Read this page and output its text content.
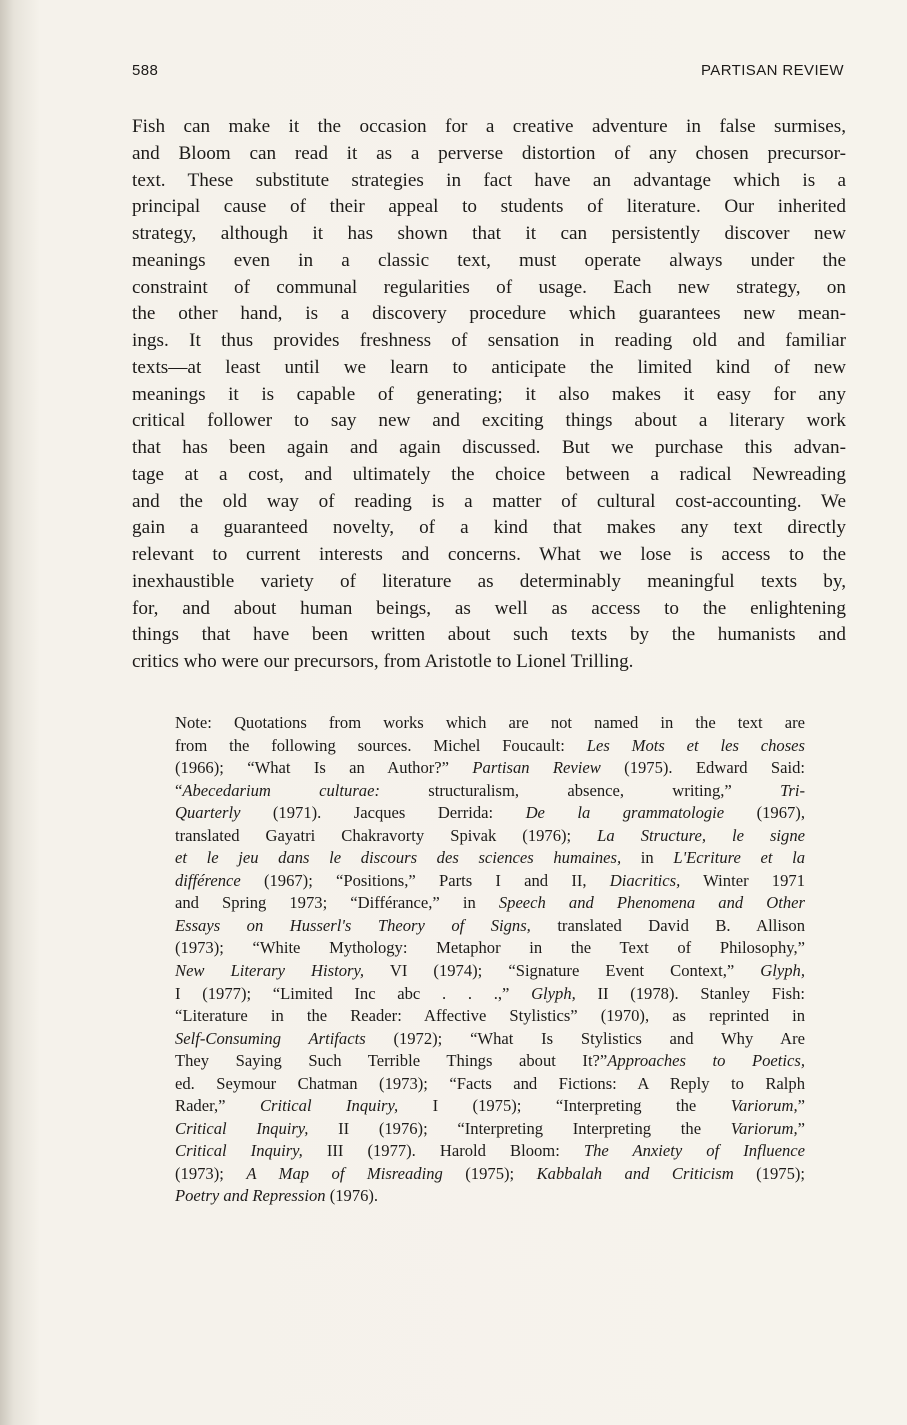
588	PARTISAN REVIEW
Fish can make it the occasion for a creative adventure in false surmises,
and Bloom can read it as a perverse distortion of any chosen precursor-
text. These substitute strategies in fact have an advantage which is a
principal cause of their appeal to students of literature. Our inherited
strategy, although it has shown that it can persistently discover new
meanings even in a classic text, must operate always under the
constraint of communal regularities of usage. Each new strategy, on
the other hand, is a discovery procedure which guarantees new mean-
ings. It thus provides freshness of sensation in reading old and familiar
texts—at least until we learn to anticipate the limited kind of new
meanings it is capable of generating; it also makes it easy for any
critical follower to say new and exciting things about a literary work
that has been again and again discussed. But we purchase this advan-
tage at a cost, and ultimately the choice between a radical Newreading
and the old way of reading is a matter of cultural cost-accounting. We
gain a guaranteed novelty, of a kind that makes any text directly
relevant to current interests and concerns. What we lose is access to the
inexhaustible variety of literature as determinably meaningful texts by,
for, and about human beings, as well as access to the enlightening
things that have been written about such texts by the humanists and
critics who were our precursors, from Aristotle to Lionel Trilling.
Note: Quotations from works which are not named in the text are
from the following sources. Michel Foucault: Les Mots et les choses
(1966); “What Is an Author?” Partisan Review (1975). Edward Said:
“Abecedarium culturae: structuralism, absence, writing,” Tri-
Quarterly (1971). Jacques Derrida: De la grammatologie (1967),
translated Gayatri Chakravorty Spivak (1976); La Structure, le signe
et le jeu dans le discours des sciences humaines, in L'Ecriture et la
différence (1967); “Positions,” Parts I and II, Diacritics, Winter 1971
and Spring 1973; “Différance,” in Speech and Phenomena and Other
Essays on Husserl's Theory of Signs, translated David B. Allison
(1973); “White Mythology: Metaphor in the Text of Philosophy,”
New Literary History, VI (1974); “Signature Event Context,” Glyph,
I (1977); “Limited Inc abc . . .,” Glyph, II (1978). Stanley Fish:
“Literature in the Reader: Affective Stylistics” (1970), as reprinted in
Self-Consuming Artifacts (1972); “What Is Stylistics and Why Are
They Saying Such Terrible Things about It?”Approaches to Poetics,
ed. Seymour Chatman (1973); “Facts and Fictions: A Reply to Ralph
Rader,” Critical Inquiry, I (1975); “Interpreting the Variorum,”
Critical Inquiry, II (1976); “Interpreting Interpreting the Variorum,”
Critical Inquiry, III (1977). Harold Bloom: The Anxiety of Influence
(1973); A Map of Misreading (1975); Kabbalah and Criticism (1975);
Poetry and Repression (1976).
